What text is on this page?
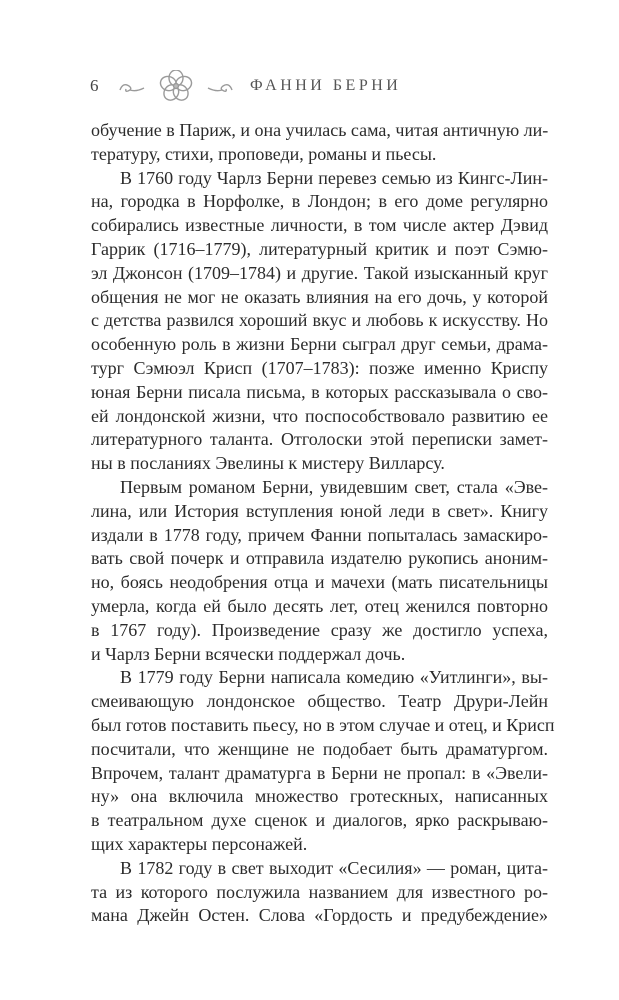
6	ФАННИ БЕРНИ
обучение в Париж, и она училась сама, читая античную ли-
тературу, стихи, проповеди, романы и пьесы.
В 1760 году Чарлз Берни перевез семью из Кингс-Лин-
на, городка в Норфолке, в Лондон; в его доме регулярно
собирались известные личности, в том числе актер Дэвид
Гаррик (1716–1779), литературный критик и поэт Сэмю-
эл Джонсон (1709–1784) и другие. Такой изысканный круг
общения не мог не оказать влияния на его дочь, у которой
с детства развился хороший вкус и любовь к искусству. Но
особенную роль в жизни Берни сыграл друг семьи, драма-
тург Сэмюэл Крисп (1707–1783): позже именно Криспу
юная Берни писала письма, в которых рассказывала о сво-
ей лондонской жизни, что поспособствовало развитию ее
литературного таланта. Отголоски этой переписки замет-
ны в посланиях Эвелины к мистеру Вилларсу.
Первым романом Берни, увидевшим свет, стала «Эве-
лина, или История вступления юной леди в свет». Книгу
издали в 1778 году, причем Фанни попыталась замаскиро-
вать свой почерк и отправила издателю рукопись аноним-
но, боясь неодобрения отца и мачехи (мать писательницы
умерла, когда ей было десять лет, отец женился повторно
в 1767 году). Произведение сразу же достигло успеха,
и Чарлз Берни всячески поддержал дочь.
В 1779 году Берни написала комедию «Уитлинги», вы-
смеивающую лондонское общество. Театр Друри-Лейн
был готов поставить пьесу, но в этом случае и отец, и Крисп
посчитали, что женщине не подобает быть драматургом.
Впрочем, талант драматурга в Берни не пропал: в «Эвели-
ну» она включила множество гротескных, написанных
в театральном духе сценок и диалогов, ярко раскрываю-
щих характеры персонажей.
В 1782 году в свет выходит «Сесилия» — роман, цита-
та из которого послужила названием для известного ро-
мана Джейн Остен. Слова «Гордость и предубеждение»
